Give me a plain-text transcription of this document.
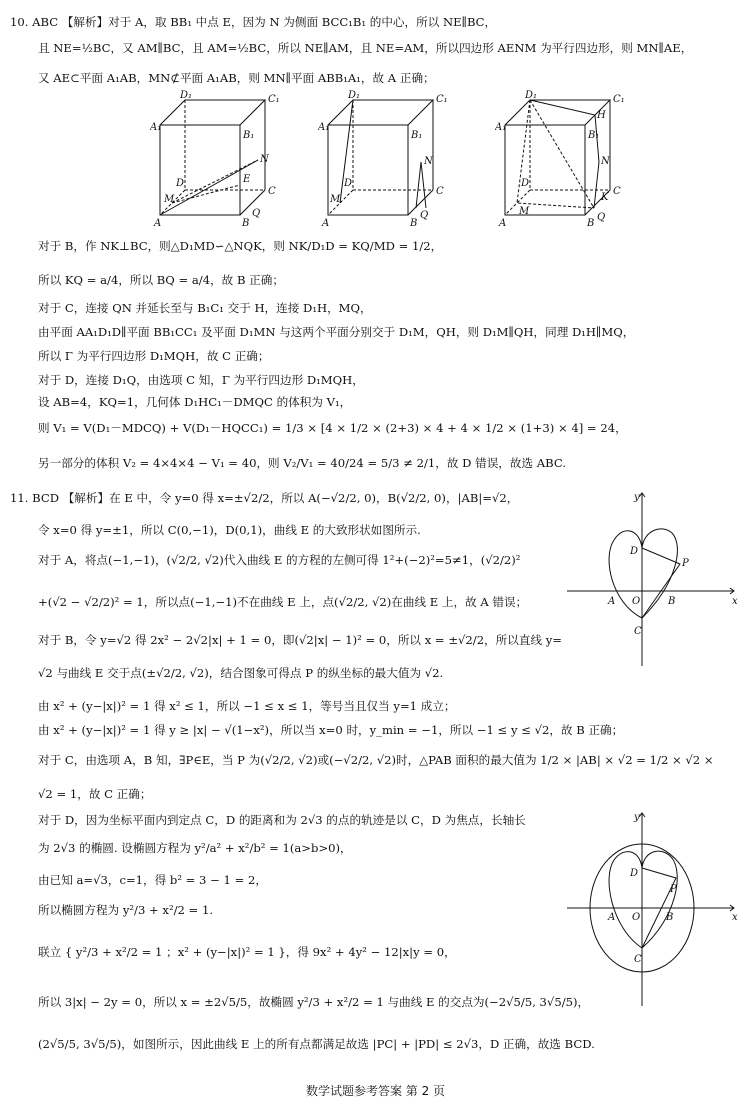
10. ABC 【解析】对于 A，取 BB₁ 中点 E，因为 N 为侧面 BCC₁B₁ 的中心，所以 NE∥BC，
且 NE=½BC，又 AM∥BC，且 AM=½BC，所以 NE∥AM，且 NE=AM，所以四边形 AENM 为平行四边形，则 MN∥AE，
又 AE⊂平面 A₁AB，MN⊄平面 A₁AB，则 MN∥平面 ABB₁A₁，故 A 正确；
D₁	C₁
A₁
B₁
A	B
C
D
M
N
E
Q
D₁	C₁
A₁
B₁
A	B
C
D
M
N
Q
D₁	C₁
A₁
B₁
A	B
C
D
M
N
Q
K
H
对于 B，作 NK⊥BC，则△D₁MD∽△NQK，则 NK/D₁D = KQ/MD = 1/2，
所以 KQ = a/4，所以 BQ = a/4，故 B 正确；
对于 C，连接 QN 并延长至与 B₁C₁ 交于 H，连接 D₁H，MQ，
由平面 AA₁D₁D∥平面 BB₁CC₁ 及平面 D₁MN 与这两个平面分别交于 D₁M，QH，则 D₁M∥QH，同理 D₁H∥MQ，
所以 Γ 为平行四边形 D₁MQH，故 C 正确；
对于 D，连接 D₁Q，由选项 C 知，Γ 为平行四边形 D₁MQH，
设 AB=4，KQ=1，几何体 D₁HC₁－DMQC 的体积为 V₁，
则 V₁ = V(D₁－MDCQ) + V(D₁－HQCC₁) = 1/3 × [4 × 1/2 × (2+3) × 4 + 4 × 1/2 × (1+3) × 4] = 24，
另一部分的体积 V₂ = 4×4×4 − V₁ = 40，则 V₂/V₁ = 40/24 = 5/3 ≠ 2/1，故 D 错误，故选 ABC.
11. BCD 【解析】在 E 中，令 y=0 得 x=±√2/2，所以 A(−√2/2, 0)，B(√2/2, 0)，|AB|=√2，
令 x=0 得 y=±1，所以 C(0,−1)，D(0,1)，曲线 E 的大致形状如图所示.
对于 A，将点(−1,−1)，(√2/2, √2)代入曲线 E 的方程的左侧可得 1²+(−2)²=5≠1，(√2/2)²
+(√2 − √2/2)² = 1，所以点(−1,−1)不在曲线 E 上，点(√2/2, √2)在曲线 E 上，故 A 错误；
对于 B，令 y=√2 得 2x² − 2√2|x| + 1 = 0，即(√2|x| − 1)² = 0，所以 x = ±√2/2，所以直线 y=
√2 与曲线 E 交于点(±√2/2, √2)，结合图象可得点 P 的纵坐标的最大值为 √2.
由 x² + (y−|x|)² = 1 得 x² ≤ 1，所以 −1 ≤ x ≤ 1，等号当且仅当 y=1 成立；
由 x² + (y−|x|)² = 1 得 y ≥ |x| − √(1−x²)，所以当 x=0 时，y_min = −1，所以 −1 ≤ y ≤ √2，故 B 正确；
对于 C，由选项 A，B 知，∃P∈E，当 P 为(√2/2, √2)或(−√2/2, √2)时，△PAB 面积的最大值为 1/2 × |AB| × √2 = 1/2 × √2 ×
√2 = 1，故 C 正确；
对于 D，因为坐标平面内到定点 C，D 的距离和为 2√3 的点的轨迹是以 C，D 为焦点，长轴长
为 2√3 的椭圆. 设椭圆方程为 y²/a² + x²/b² = 1(a>b>0)，
由已知 a=√3，c=1，得 b² = 3 − 1 = 2，
所以椭圆方程为 y²/3 + x²/2 = 1.
联立 { y²/3 + x²/2 = 1 ；x² + (y−|x|)² = 1 }，得 9x² + 4y² − 12|x|y = 0，
所以 3|x| − 2y = 0，所以 x = ±2√5/5，故椭圆 y²/3 + x²/2 = 1 与曲线 E 的交点为(−2√5/5, 3√5/5)，
(2√5/5, 3√5/5)，如图所示，因此曲线 E 上的所有点都满足故选 |PC| + |PD| ≤ 2√3，D 正确，故选 BCD.
y
x
O
A	B
C
D
P
y
x
O
A	B
C
D
P
数学试题参考答案 第 2 页
